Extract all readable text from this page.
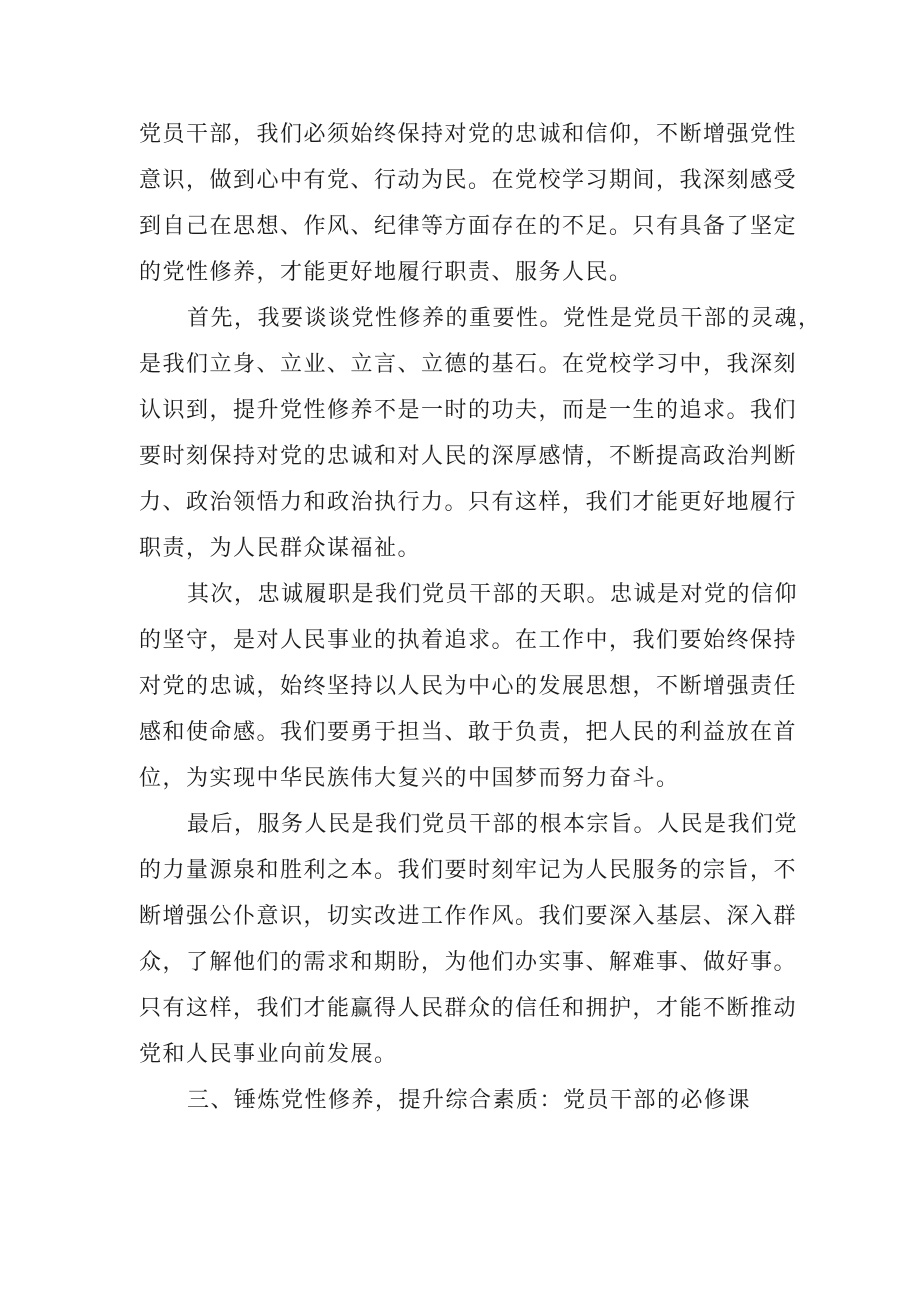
党员干部，我们必须始终保持对党的忠诚和信仰，不断增强党性
意识，做到心中有党、行动为民。在党校学习期间，我深刻感受
到自己在思想、作风、纪律等方面存在的不足。只有具备了坚定
的党性修养，才能更好地履行职责、服务人民。

首先，我要谈谈党性修养的重要性。党性是党员干部的灵魂，
是我们立身、立业、立言、立德的基石。在党校学习中，我深刻
认识到，提升党性修养不是一时的功夫，而是一生的追求。我们
要时刻保持对党的忠诚和对人民的深厚感情，不断提高政治判断
力、政治领悟力和政治执行力。只有这样，我们才能更好地履行
职责，为人民群众谋福祉。

其次，忠诚履职是我们党员干部的天职。忠诚是对党的信仰
的坚守，是对人民事业的执着追求。在工作中，我们要始终保持
对党的忠诚，始终坚持以人民为中心的发展思想，不断增强责任
感和使命感。我们要勇于担当、敢于负责，把人民的利益放在首
位，为实现中华民族伟大复兴的中国梦而努力奋斗。

最后，服务人民是我们党员干部的根本宗旨。人民是我们党
的力量源泉和胜利之本。我们要时刻牢记为人民服务的宗旨，不
断增强公仆意识，切实改进工作作风。我们要深入基层、深入群
众，了解他们的需求和期盼，为他们办实事、解难事、做好事。
只有这样，我们才能赢得人民群众的信任和拥护，才能不断推动
党和人民事业向前发展。

三、锤炼党性修养，提升综合素质：党员干部的必修课
